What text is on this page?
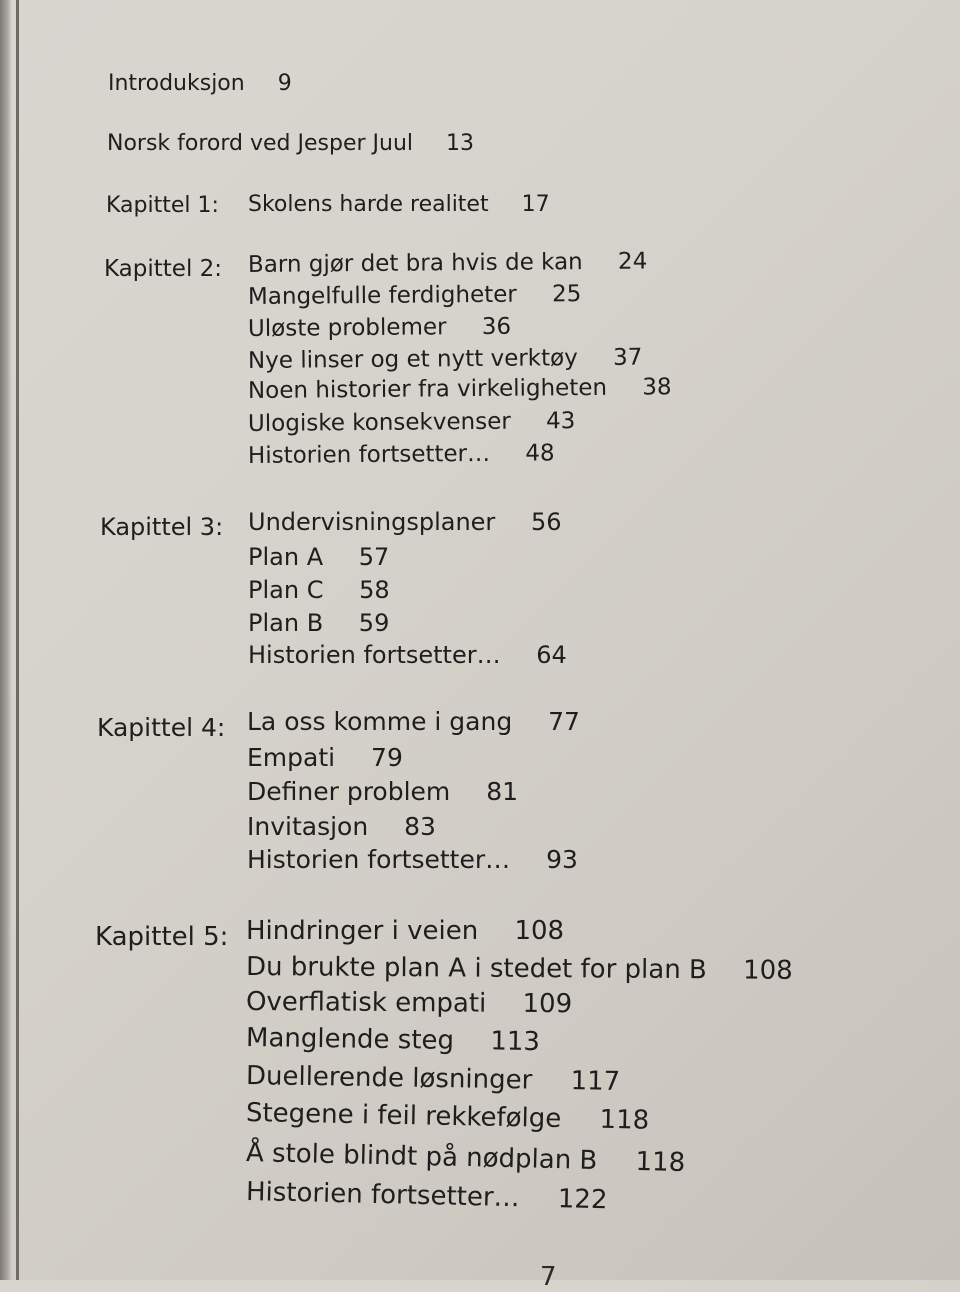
Introduksjon 9
Norsk forord ved Jesper Juul 13
Kapittel 1: Skolens harde realitet 17
Kapittel 2: Barn gjør det bra hvis de kan 24
Mangelfulle ferdigheter 25
Uløste problemer 36
Nye linser og et nytt verktøy 37
Noen historier fra virkeligheten 38
Ulogiske konsekvenser 43
Historien fortsetter… 48
Kapittel 3: Undervisningsplaner 56
Plan A 57
Plan C 58
Plan B 59
Historien fortsetter… 64
Kapittel 4: La oss komme i gang 77
Empati 79
Definer problem 81
Invitasjon 83
Historien fortsetter… 93
Kapittel 5: Hindringer i veien 108
Du brukte plan A i stedet for plan B 108
Overflatisk empati 109
Manglende steg 113
Duellerende løsninger 117
Stegene i feil rekkefølge 118
Å stole blindt på nødplan B 118
Historien fortsetter… 122
7
